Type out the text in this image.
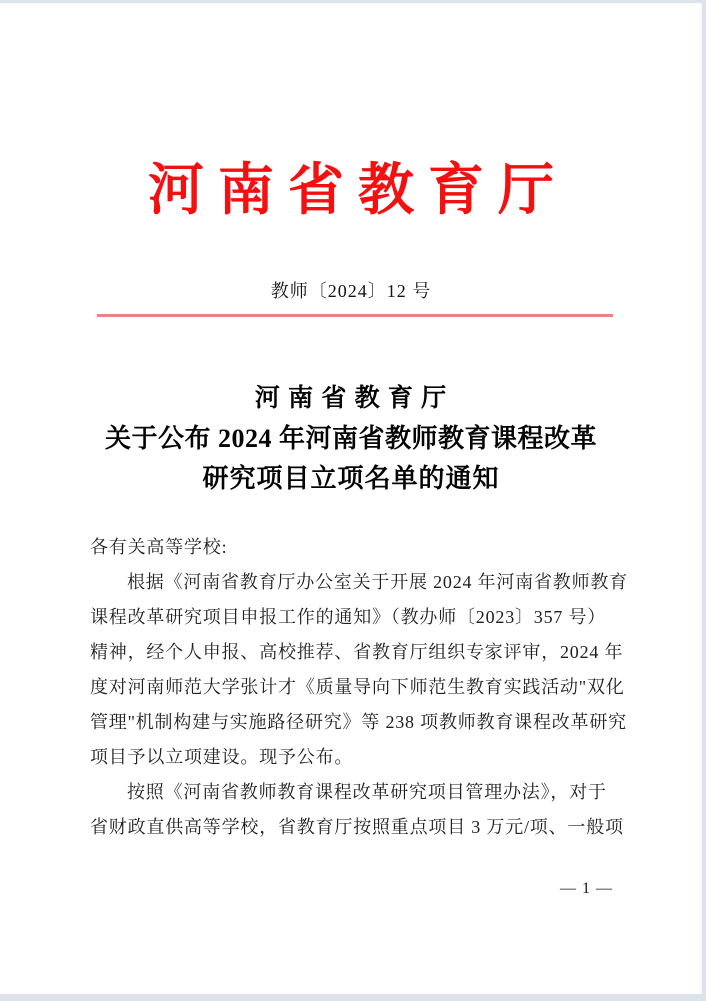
河 南 省 教 育 厅
教师〔2024〕12 号
河 南 省 教 育 厅
关于公布 2024 年河南省教师教育课程改革
研究项目立项名单的通知
各有关高等学校:
根据《河南省教育厅办公室关于开展 2024 年河南省教师教育
课程改革研究项目申报工作的通知》（教办师〔2023〕357 号）
精神，经个人申报、高校推荐、省教育厅组织专家评审，2024 年
度对河南师范大学张计才《质量导向下师范生教育实践活动"双化
管理"机制构建与实施路径研究》等 238 项教师教育课程改革研究
项目予以立项建设。现予公布。
按照《河南省教师教育课程改革研究项目管理办法》，对于
省财政直供高等学校，省教育厅按照重点项目 3 万元/项、一般项
— 1 —
